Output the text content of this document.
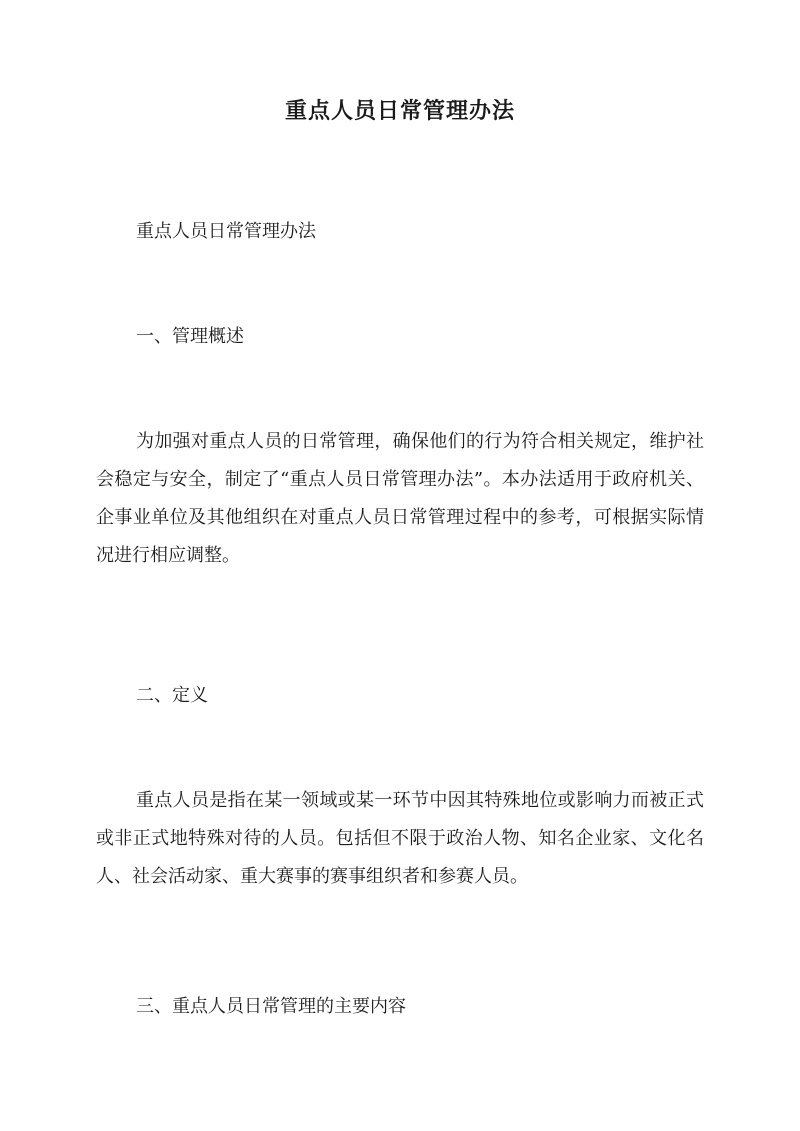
重点人员日常管理办法

重点人员日常管理办法

一、管理概述

为加强对重点人员的日常管理，确保他们的行为符合相关规定，维护社会稳定与安全，制定了“重点人员日常管理办法”。本办法适用于政府机关、企事业单位及其他组织在对重点人员日常管理过程中的参考，可根据实际情况进行相应调整。

二、定义

重点人员是指在某一领域或某一环节中因其特殊地位或影响力而被正式或非正式地特殊对待的人员。包括但不限于政治人物、知名企业家、文化名人、社会活动家、重大赛事的赛事组织者和参赛人员。

三、重点人员日常管理的主要内容
